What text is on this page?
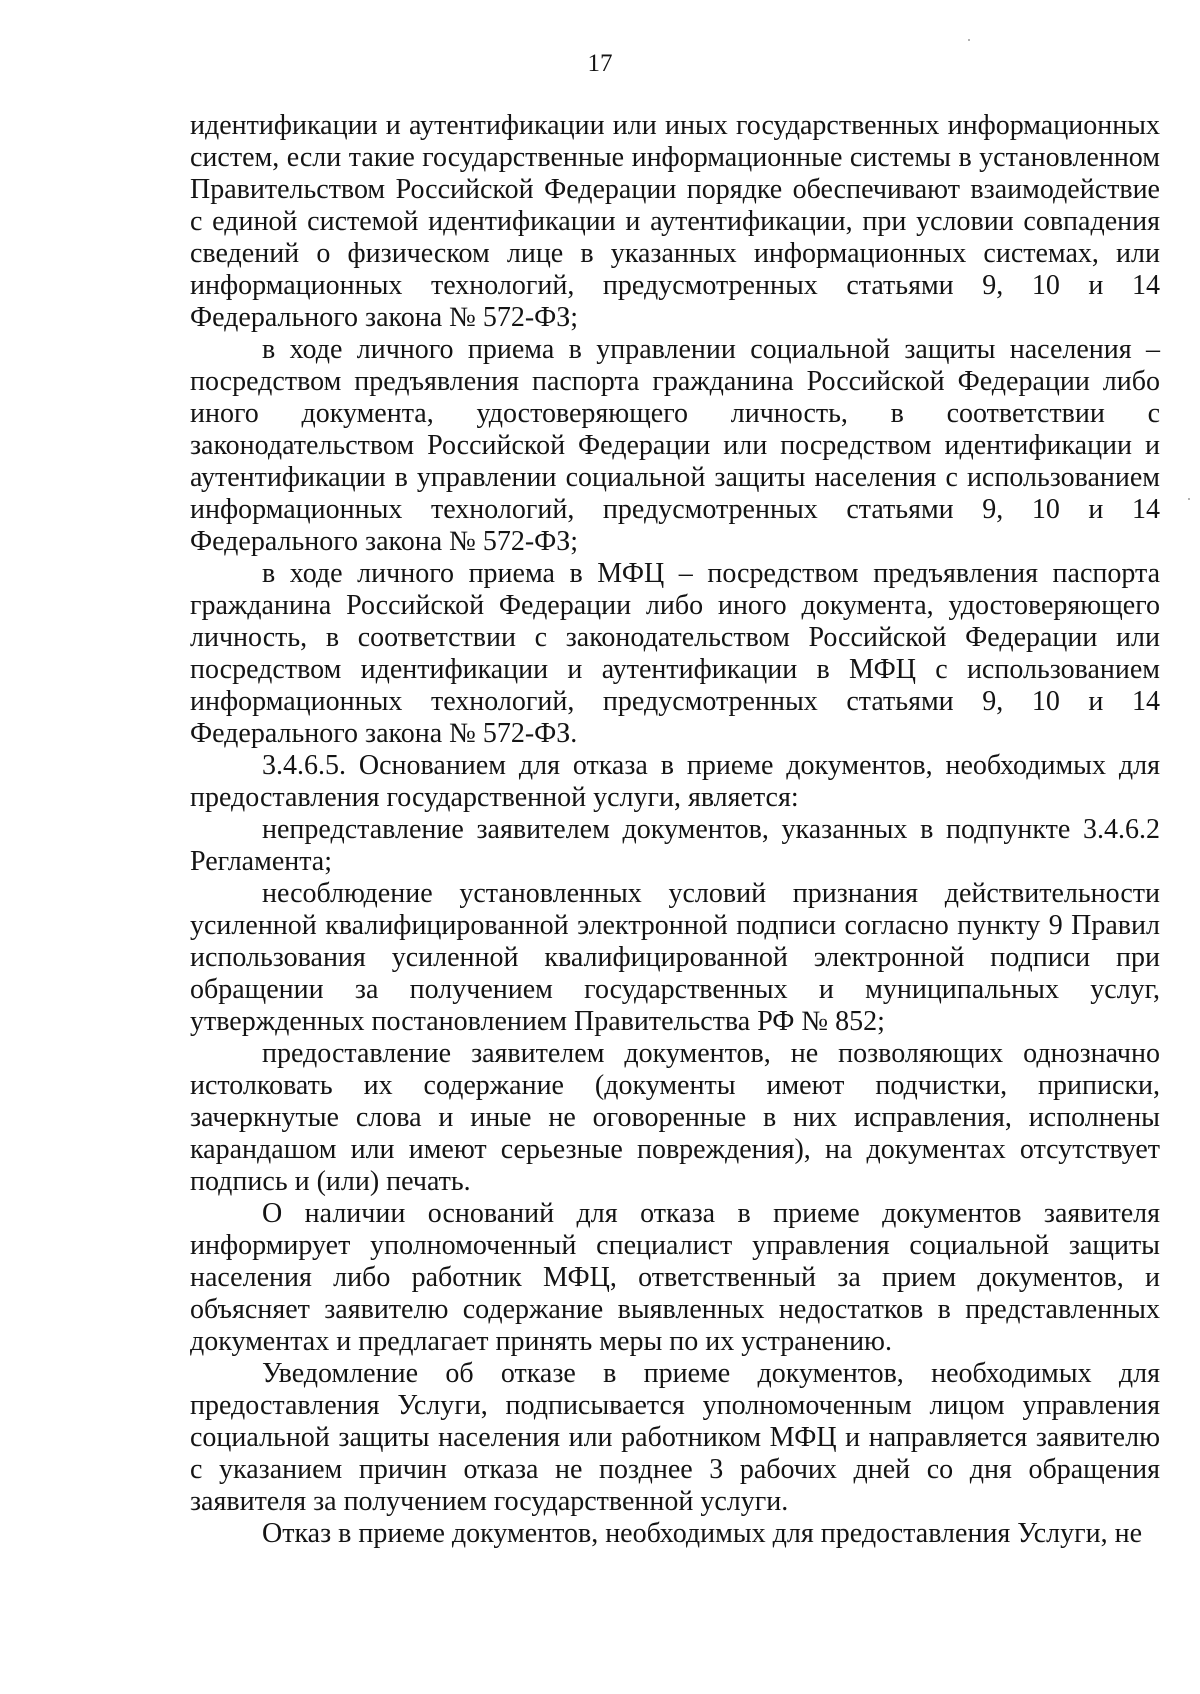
17

идентификации и аутентификации или иных государственных информационных систем, если такие государственные информационные системы в установленном Правительством Российской Федерации порядке обеспечивают взаимодействие с единой системой идентификации и аутентификации, при условии совпадения сведений о физическом лице в указанных информационных системах, или информационных технологий, предусмотренных статьями 9, 10 и 14 Федерального закона № 572-ФЗ;

в ходе личного приема в управлении социальной защиты населения – посредством предъявления паспорта гражданина Российской Федерации либо иного документа, удостоверяющего личность, в соответствии с законодательством Российской Федерации или посредством идентификации и аутентификации в управлении социальной защиты населения с использованием информационных технологий, предусмотренных статьями 9, 10 и 14 Федерального закона № 572-ФЗ;

в ходе личного приема в МФЦ – посредством предъявления паспорта гражданина Российской Федерации либо иного документа, удостоверяющего личность, в соответствии с законодательством Российской Федерации или посредством идентификации и аутентификации в МФЦ с использованием информационных технологий, предусмотренных статьями 9, 10 и 14 Федерального закона № 572-ФЗ.

3.4.6.5. Основанием для отказа в приеме документов, необходимых для предоставления государственной услуги, является:

непредставление заявителем документов, указанных в подпункте 3.4.6.2 Регламента;

несоблюдение установленных условий признания действительности усиленной квалифицированной электронной подписи согласно пункту 9 Правил использования усиленной квалифицированной электронной подписи при обращении за получением государственных и муниципальных услуг, утвержденных постановлением Правительства РФ № 852;

предоставление заявителем документов, не позволяющих однозначно истолковать их содержание (документы имеют подчистки, приписки, зачеркнутые слова и иные не оговоренные в них исправления, исполнены карандашом или имеют серьезные повреждения), на документах отсутствует подпись и (или) печать.

О наличии оснований для отказа в приеме документов заявителя информирует уполномоченный специалист управления социальной защиты населения либо работник МФЦ, ответственный за прием документов, и объясняет заявителю содержание выявленных недостатков в представленных документах и предлагает принять меры по их устранению.

Уведомление об отказе в приеме документов, необходимых для предоставления Услуги, подписывается уполномоченным лицом управления социальной защиты населения или работником МФЦ и направляется заявителю с указанием причин отказа не позднее 3 рабочих дней со дня обращения заявителя за получением государственной услуги.

Отказ в приеме документов, необходимых для предоставления Услуги, не
